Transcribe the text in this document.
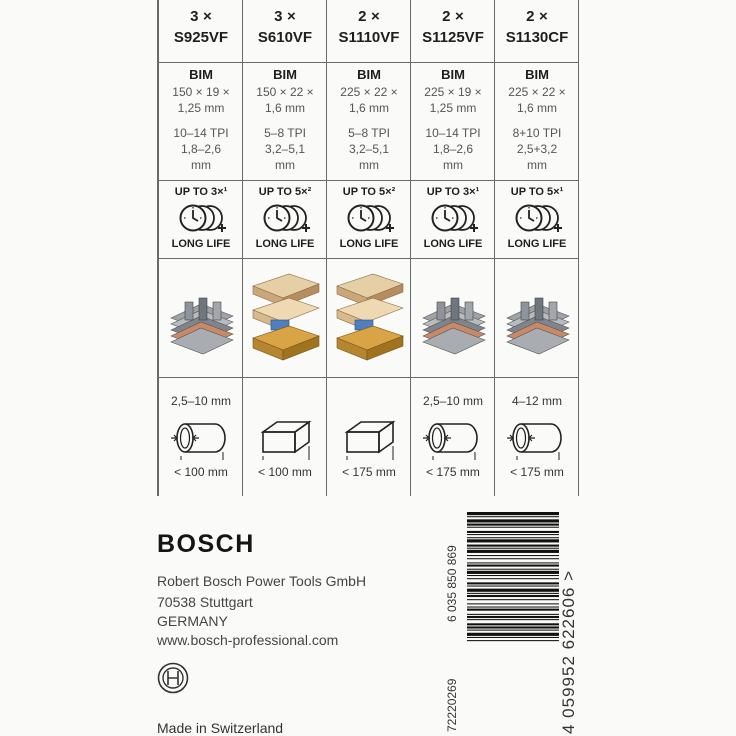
3 ×
S925VF
BIM
150 × 19 ×
1,25 mm
10–14 TPI
1,8–2,6
mm
UP TO 3×¹
LONG LIFE
2,5–10 mm
< 100 mm
3 ×
S610VF
BIM
150 × 22 ×
1,6 mm
5–8 TPI
3,2–5,1
mm
UP TO 5×²
LONG LIFE
< 100 mm
2 ×
S1110VF
BIM
225 × 22 ×
1,6 mm
5–8 TPI
3,2–5,1
mm
UP TO 5×²
LONG LIFE
< 175 mm
2 ×
S1125VF
BIM
225 × 19 ×
1,25 mm
10–14 TPI
1,8–2,6
mm
UP TO 3×¹
LONG LIFE
2,5–10 mm
< 175 mm
2 ×
S1130CF
BIM
225 × 22 ×
1,6 mm
8+10 TPI
2,5+3,2
mm
UP TO 5×¹
LONG LIFE
4–12 mm
< 175 mm
BOSCH
Robert Bosch Power Tools GmbH
70538 Stuttgart
GERMANY
www.bosch-professional.com
Made in Switzerland
6 035 850 869
72220269	4 059952 622606 >
